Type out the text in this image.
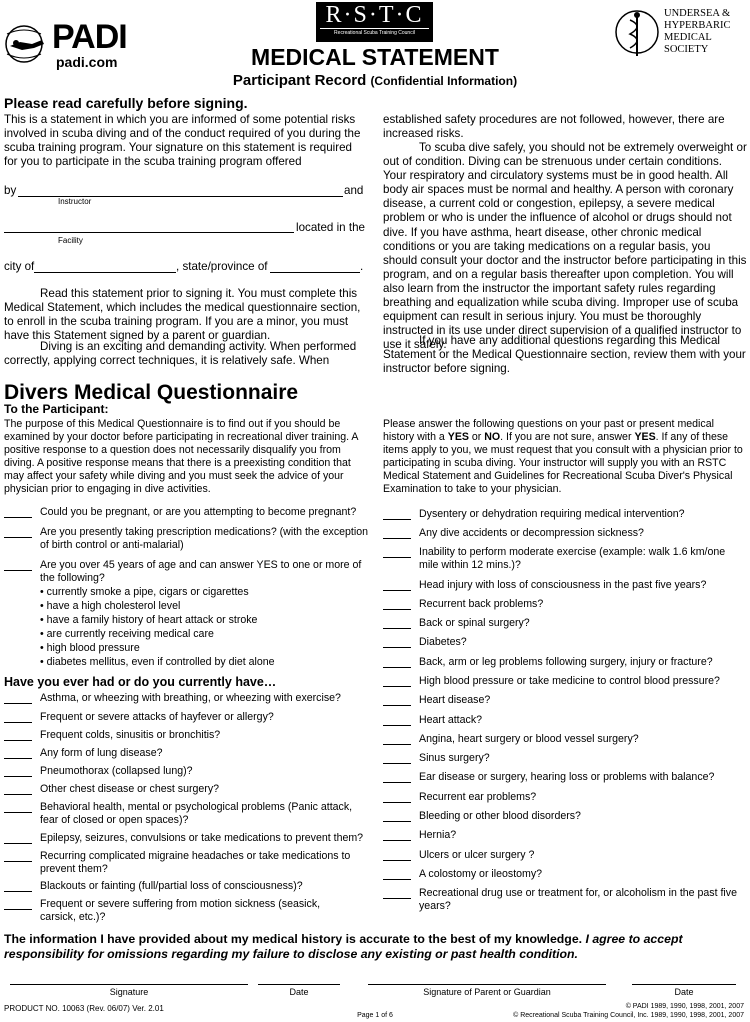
PADI
padi.com
R·S·T·C
Recreational Scuba Training Council
UNDERSEA &
HYPERBARIC
MEDICAL SOCIETY
MEDICAL STATEMENT
Participant Record (Confidential Information)
Please read carefully before signing.
This is a statement in which you are informed of some potential risks involved in scuba diving and of the conduct required of you during the scuba training program. Your signature on this statement is required for you to participate in the scuba training program offered
by	and
Instructor
located in the
Facility
city of	, state/province of	.
Read this statement prior to signing it. You must complete this Medical Statement, which includes the medical questionnaire section, to enroll in the scuba training program. If you are a minor, you must have this Statement signed by a parent or guardian.
Diving is an exciting and demanding activity. When performed correctly, applying correct techniques, it is relatively safe. When
established safety procedures are not followed, however, there are increased risks.
To scuba dive safely, you should not be extremely overweight or out of condition. Diving can be strenuous under certain conditions. Your respiratory and circulatory systems must be in good health. All body air spaces must be normal and healthy. A person with coronary disease, a current cold or congestion, epilepsy, a severe medical problem or who is under the influence of alcohol or drugs should not dive. If you have asthma, heart disease, other chronic medical conditions or you are taking medications on a regular basis, you should consult your doctor and the instructor before participating in this program, and on a regular basis thereafter upon completion. You will also learn from the instructor the important safety rules regarding breathing and equalization while scuba diving. Improper use of scuba equipment can result in serious injury. You must be thoroughly instructed in its use under direct supervision of a qualified instructor to use it safely.
If you have any additional questions regarding this Medical Statement or the Medical Questionnaire section, review them with your instructor before signing.
Divers Medical Questionnaire
To the Participant:
The purpose of this Medical Questionnaire is to find out if you should be examined by your doctor before participating in recreational diver training. A positive response to a question does not necessarily disqualify you from diving. A positive response means that there is a preexisting condition that may affect your safety while diving and you must seek the advice of your physician prior to engaging in dive activities.
Please answer the following questions on your past or present medical history with a YES or NO. If you are not sure, answer YES. If any of these items apply to you, we must request that you consult with a physician prior to participating in scuba diving. Your instructor will supply you with an RSTC Medical Statement and Guidelines for Recreational Scuba Diver's Physical Examination to take to your physician.
Could you be pregnant, or are you attempting to become pregnant?
Are you presently taking prescription medications? (with the exception of birth control or anti-malarial)
Are you over 45 years of age and can answer YES to one or more of the following?
• currently smoke a pipe, cigars or cigarettes
• have a high cholesterol level
• have a family history of heart attack or stroke
• are currently receiving medical care
• high blood pressure
• diabetes mellitus, even if controlled by diet alone
Have you ever had or do you currently have…
Asthma, or wheezing with breathing, or wheezing with exercise?
Frequent or severe attacks of hayfever or allergy?
Frequent colds, sinusitis or bronchitis?
Any form of lung disease?
Pneumothorax (collapsed lung)?
Other chest disease or chest surgery?
Behavioral health, mental or psychological problems (Panic attack, fear of closed or open spaces)?
Epilepsy, seizures, convulsions or take medications to prevent them?
Recurring complicated migraine headaches or take medications to prevent them?
Blackouts or fainting (full/partial loss of consciousness)?
Frequent or severe suffering from motion sickness (seasick, carsick, etc.)?
Dysentery or dehydration requiring medical intervention?
Any dive accidents or decompression sickness?
Inability to perform moderate exercise (example: walk 1.6 km/one mile within 12 mins.)?
Head injury with loss of consciousness in the past five years?
Recurrent back problems?
Back or spinal surgery?
Diabetes?
Back, arm or leg problems following surgery, injury or fracture?
High blood pressure or take medicine to control blood pressure?
Heart disease?
Heart attack?
Angina, heart surgery or blood vessel surgery?
Sinus surgery?
Ear disease or surgery, hearing loss or problems with balance?
Recurrent ear problems?
Bleeding or other blood disorders?
Hernia?
Ulcers or ulcer surgery ?
A colostomy or ileostomy?
Recreational drug use or treatment for, or alcoholism in the past five years?
The information I have provided about my medical history is accurate to the best of my knowledge. I agree to accept responsibility for omissions regarding my failure to disclose any existing or past health condition.
Signature	Date	Signature of Parent or Guardian	Date
PRODUCT NO. 10063 (Rev. 06/07) Ver. 2.01
Page 1 of 6
© PADI 1989, 1990, 1998, 2001, 2007
© Recreational Scuba Training Council, Inc. 1989, 1990, 1998, 2001, 2007
